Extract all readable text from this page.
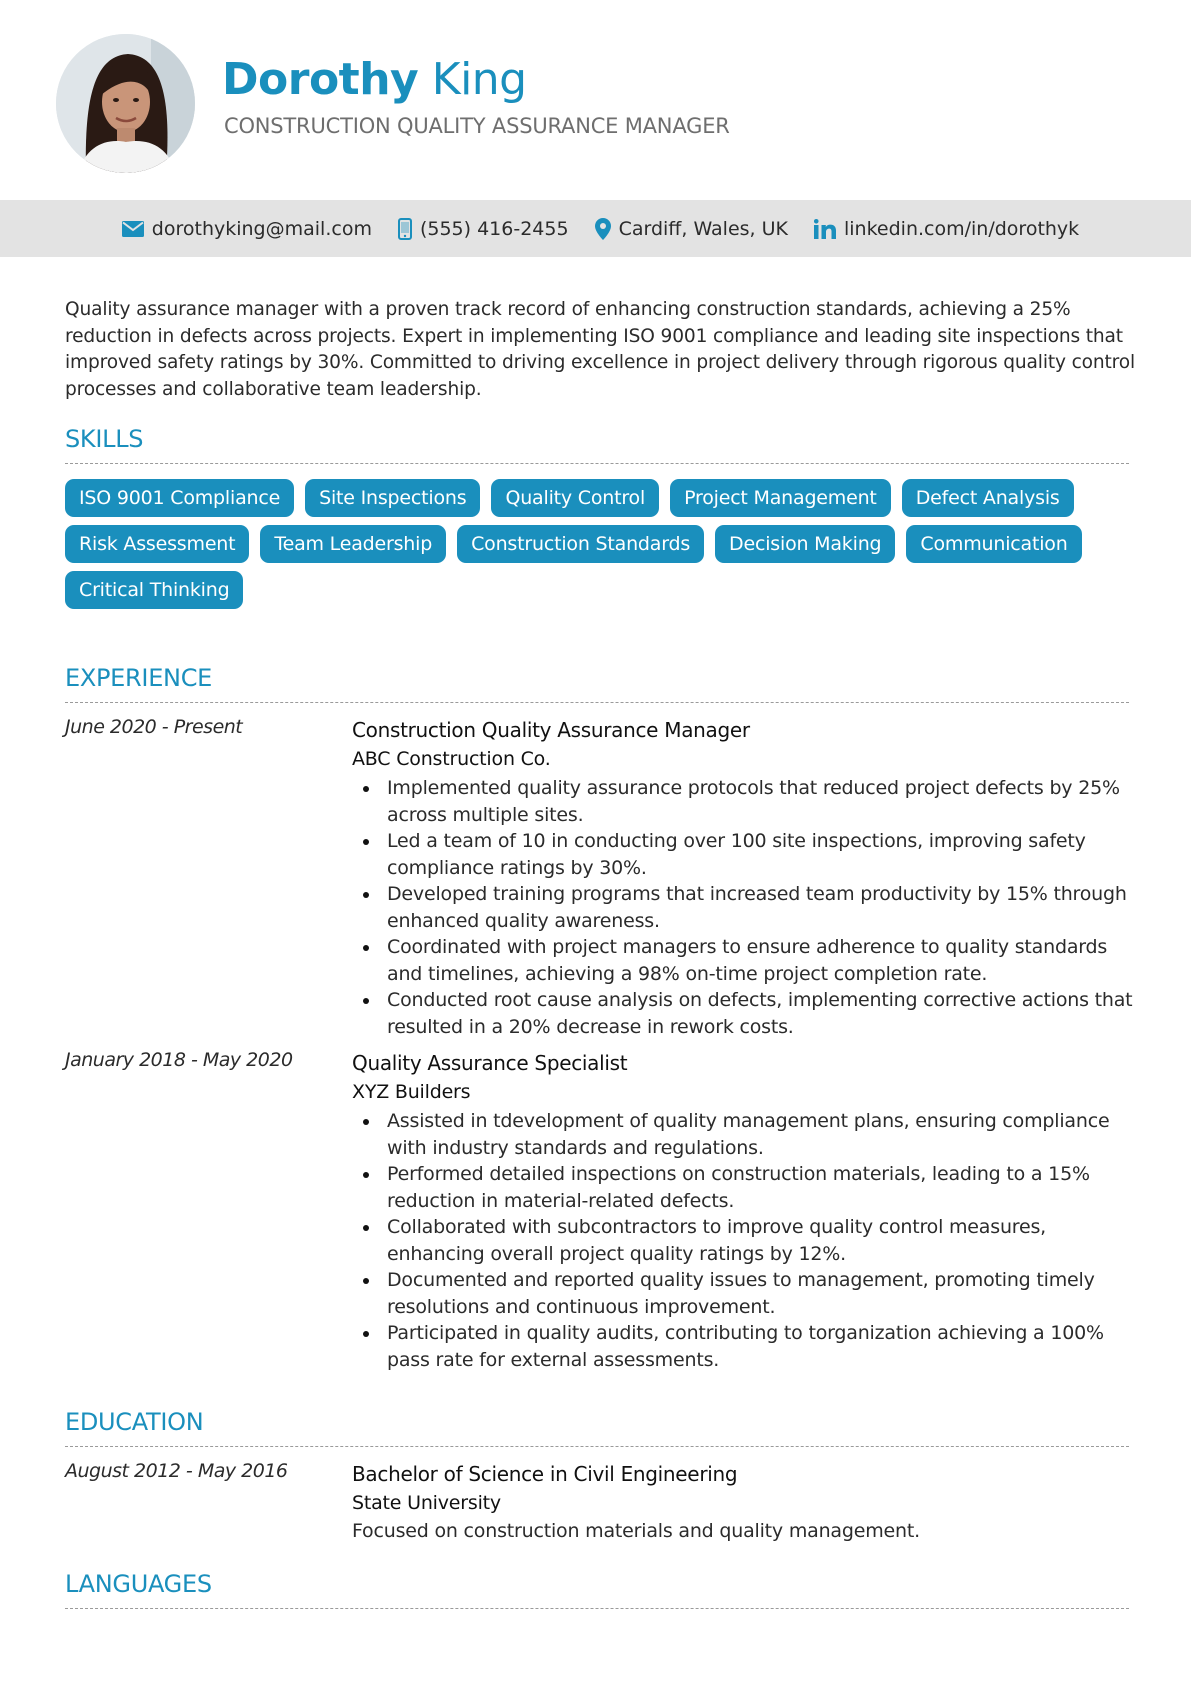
Dorothy King
CONSTRUCTION QUALITY ASSURANCE MANAGER
dorothyking@mail.com	(555) 416-2455	Cardiff, Wales, UK	linkedin.com/in/dorothyk

Quality assurance manager with a proven track record of enhancing construction standards, achieving a 25% reduction in defects across projects. Expert in implementing ISO 9001 compliance and leading site inspections that improved safety ratings by 30%. Committed to driving excellence in project delivery through rigorous quality control processes and collaborative team leadership.

SKILLS
ISO 9001 Compliance	Site Inspections	Quality Control	Project Management	Defect Analysis
Risk Assessment	Team Leadership	Construction Standards	Decision Making	Communication
Critical Thinking
EXPERIENCE
June 2020 - Present	Construction Quality Assurance Manager
ABC Construction Co.
Implemented quality assurance protocols that reduced project defects by 25% across multiple sites.
Led a team of 10 in conducting over 100 site inspections, improving safety compliance ratings by 30%.
Developed training programs that increased team productivity by 15% through enhanced quality awareness.
Coordinated with project managers to ensure adherence to quality standards and timelines, achieving a 98% on-time project completion rate.
Conducted root cause analysis on defects, implementing corrective actions that resulted in a 20% decrease in rework costs.
January 2018 - May 2020	Quality Assurance Specialist
XYZ Builders
Assisted in tdevelopment of quality management plans, ensuring compliance with industry standards and regulations.
Performed detailed inspections on construction materials, leading to a 15% reduction in material-related defects.
Collaborated with subcontractors to improve quality control measures, enhancing overall project quality ratings by 12%.
Documented and reported quality issues to management, promoting timely resolutions and continuous improvement.
Participated in quality audits, contributing to torganization achieving a 100% pass rate for external assessments.
EDUCATION
August 2012 - May 2016	Bachelor of Science in Civil Engineering
State University
Focused on construction materials and quality management.
LANGUAGES
